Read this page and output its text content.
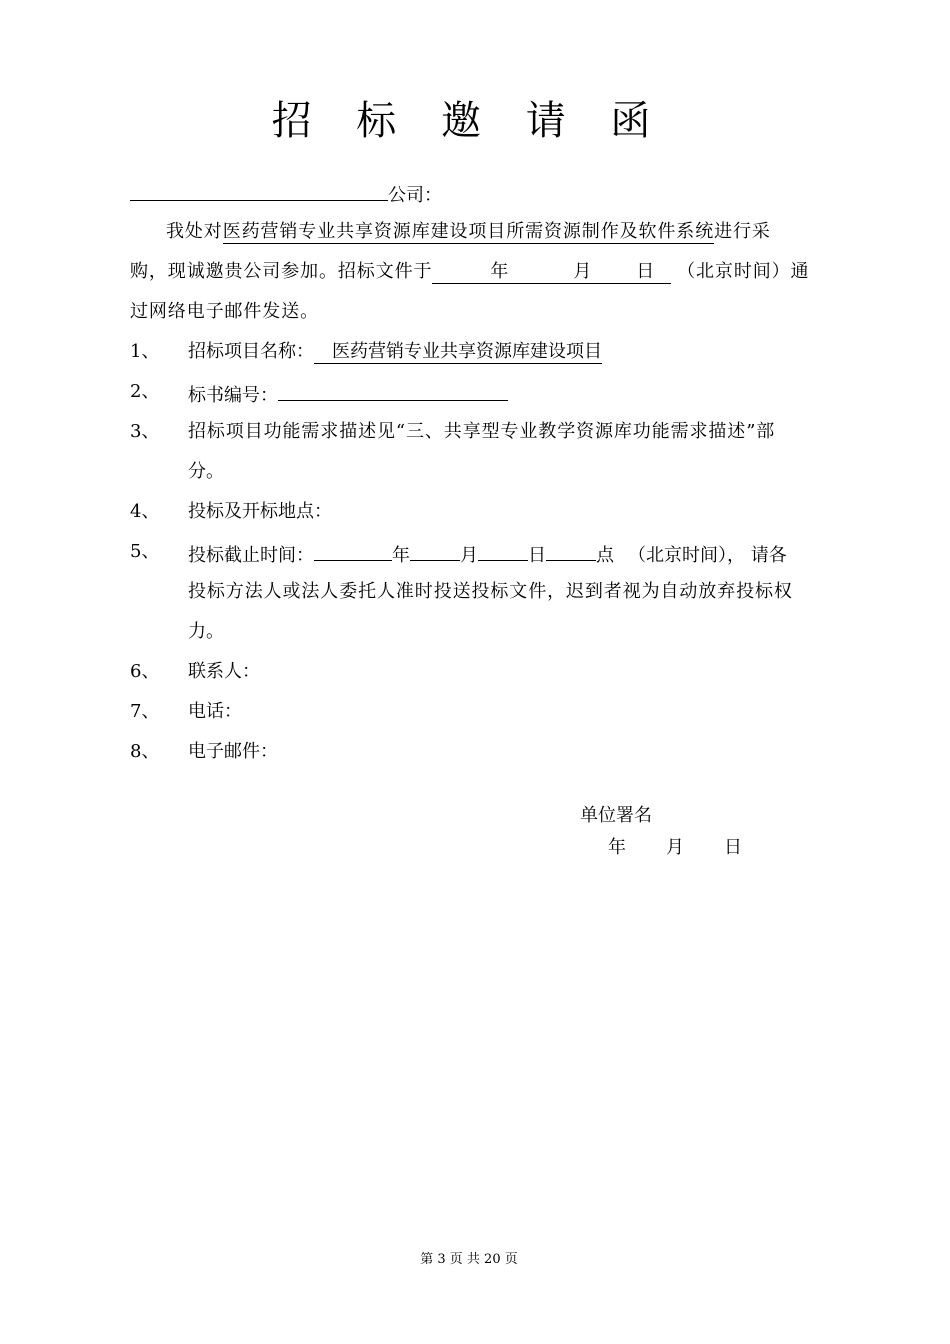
招 标 邀 请 函
公司：
我处对医药营销专业共享资源库建设项目所需资源制作及软件系统进行采
购，现诚邀贵公司参加。招标文件于	年	月 日 （北京时间）通
过网络电子邮件发送。
1、 招标项目名称： 医药营销专业共享资源库建设项目
2、 标书编号：
3、 招标项目功能需求描述见“三、共享型专业教学资源库功能需求描述”部
分。
4、 投标及开标地点：
5、 投标截止时间：	年	月	日	点 （北京时间）， 请各
投标方法人或法人委托人准时投送投标文件，迟到者视为自动放弃投标权
力。
6、 联系人：
7、 电话：
8、 电子邮件：
单位署名
年 月 日
第 3 页 共 20 页
